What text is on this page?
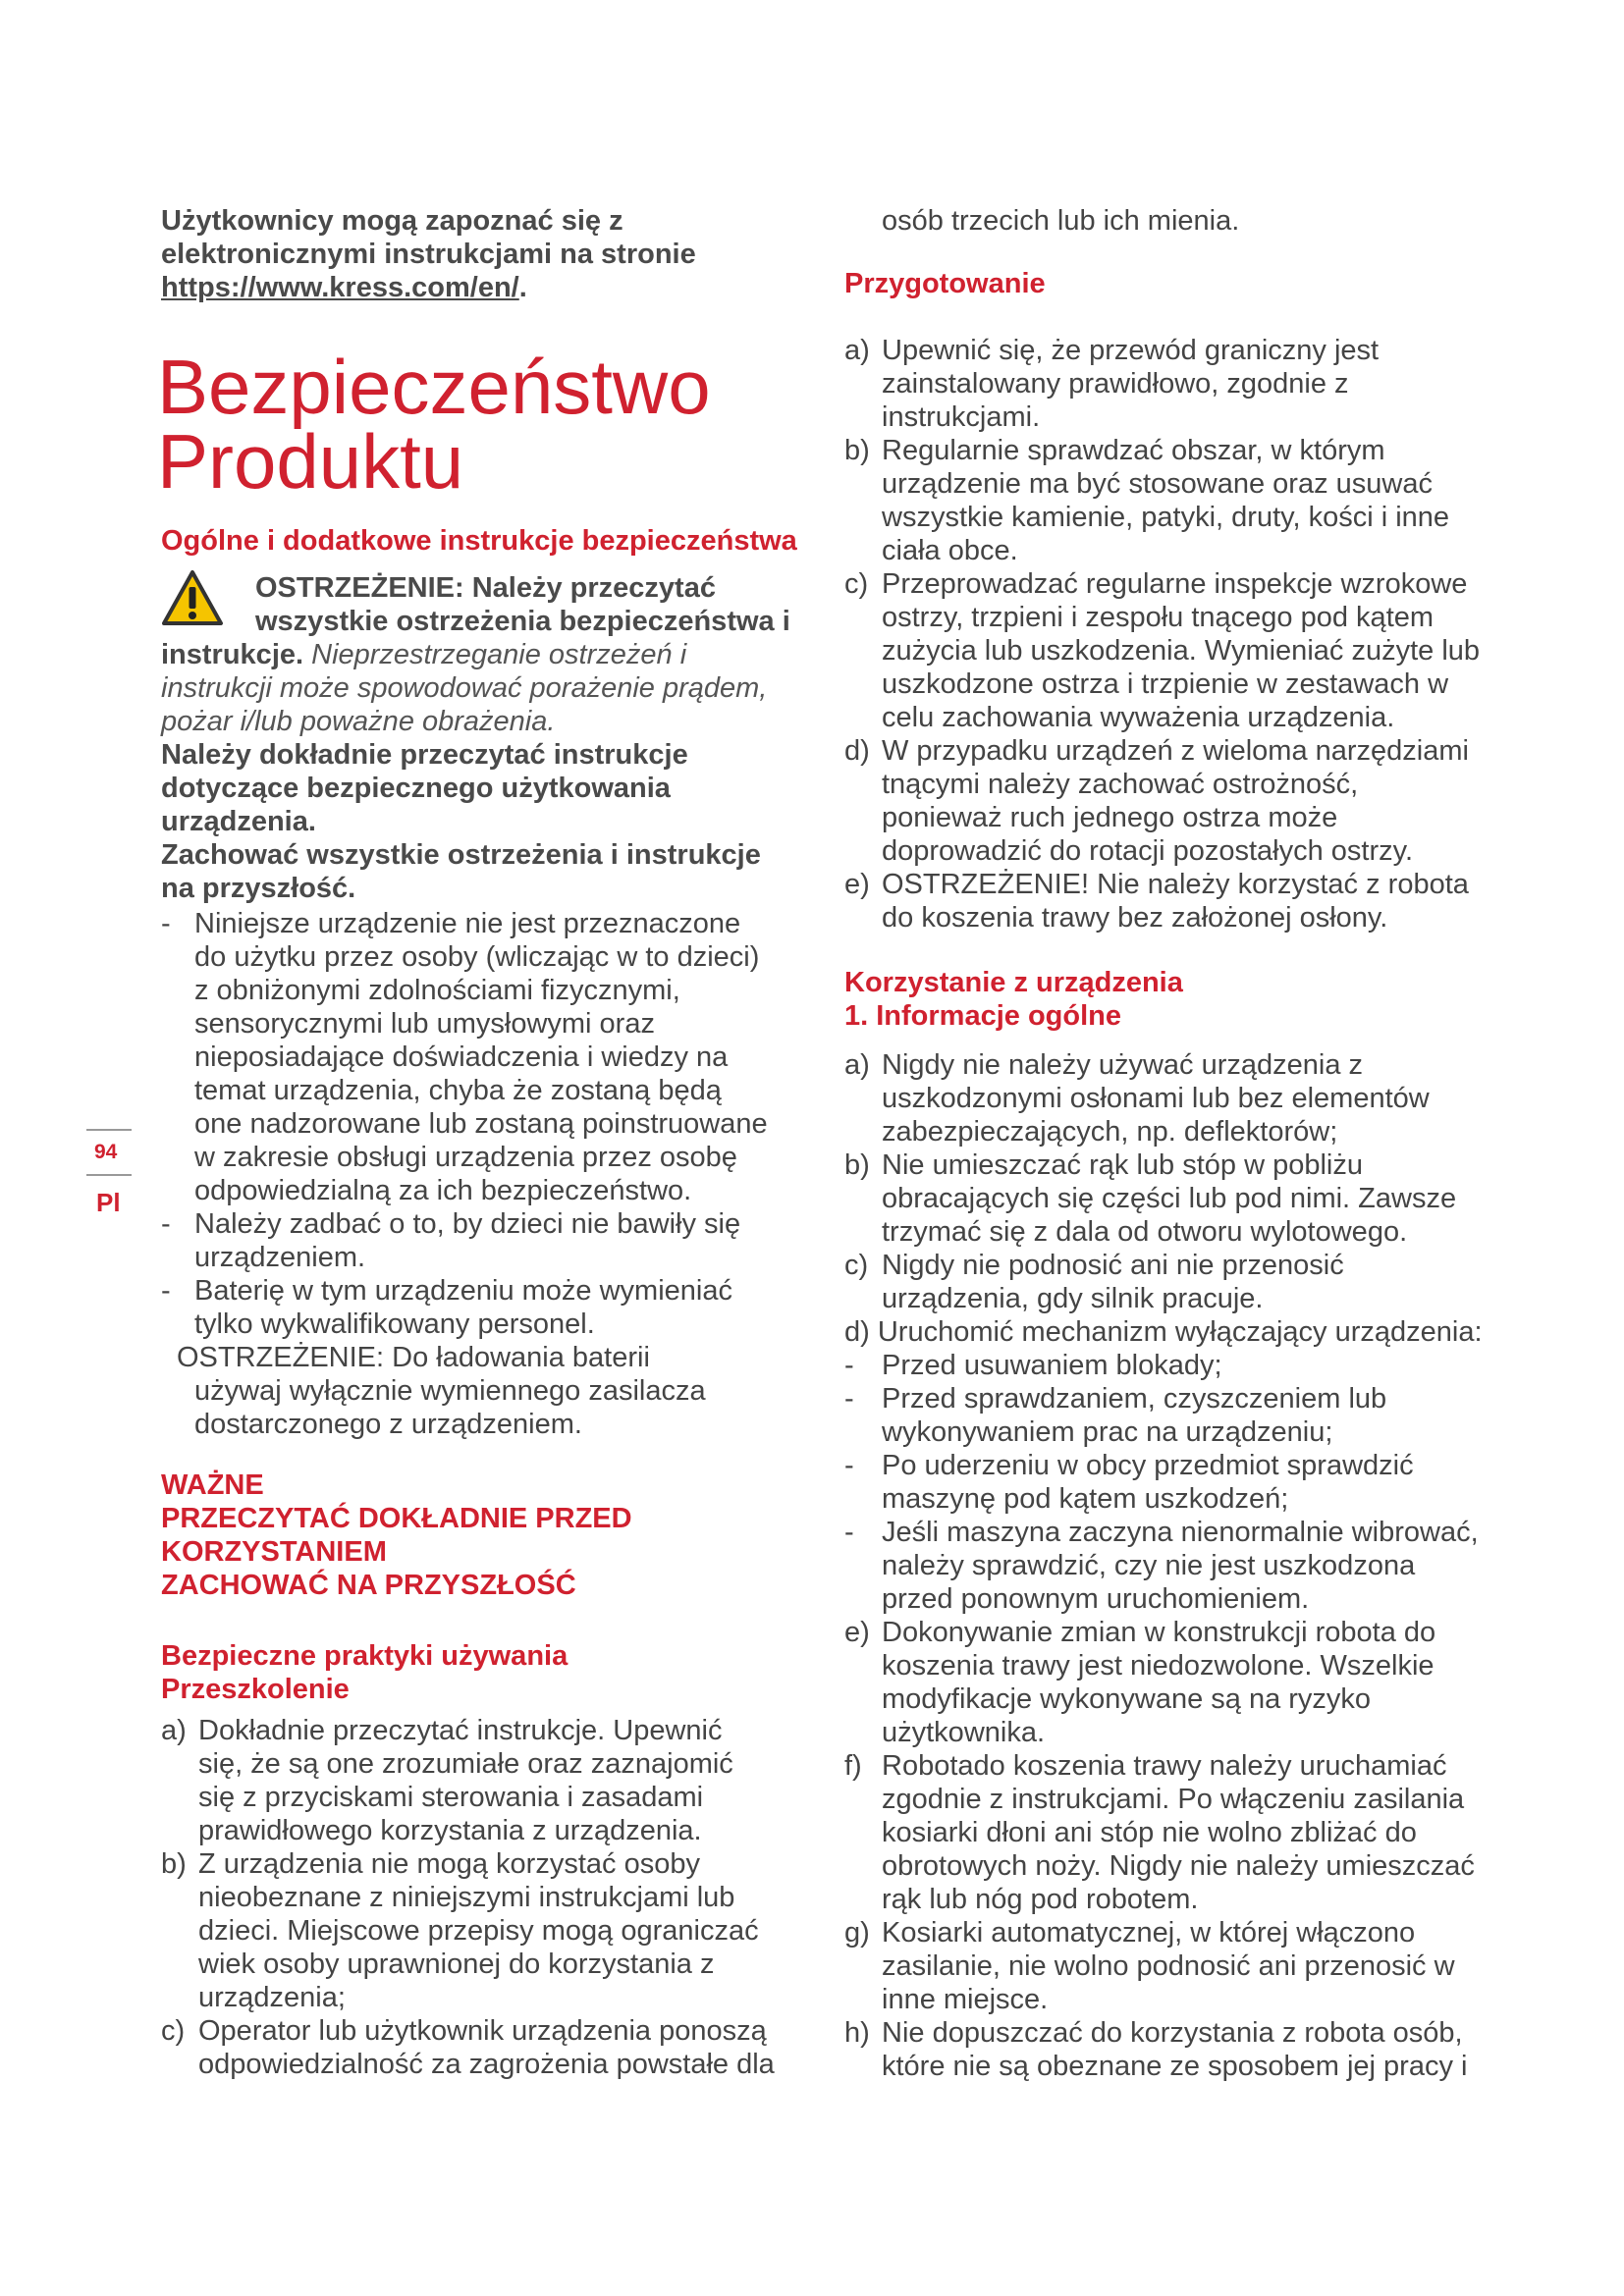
94
Pl

Użytkownicy mogą zapoznać się z

elektronicznymi instrukcjami na stronie

https://www.kress.com/en/.

Bezpieczeństwo
Produktu

Ogólne i dodatkowe instrukcje bezpieczeństwa

OSTRZEŻENIE: Należy przeczytać

wszystkie ostrzeżenia bezpieczeństwa i

instrukcje. Nieprzestrzeganie ostrzeżeń i

instrukcji może spowodować porażenie prądem,

pożar i/lub poważne obrażenia.

Należy dokładnie przeczytać instrukcje

dotyczące bezpiecznego użytkowania

urządzenia.

Zachować wszystkie ostrzeżenia i instrukcje

na przyszłość.

- Niniejsze urządzenie nie jest przeznaczone

do użytku przez osoby (wliczając w to dzieci)

z obniżonymi zdolnościami fizycznymi,

sensorycznymi lub umysłowymi oraz

nieposiadające doświadczenia i wiedzy na

temat urządzenia, chyba że zostaną będą

one nadzorowane lub zostaną poinstruowane

w zakresie obsługi urządzenia przez osobę

odpowiedzialną za ich bezpieczeństwo.

- Należy zadbać o to, by dzieci nie bawiły się

urządzeniem.

- Baterię w tym urządzeniu może wymieniać

tylko wykwalifikowany personel.

OSTRZEŻENIE: Do ładowania baterii

używaj wyłącznie wymiennego zasilacza

dostarczonego z urządzeniem.

WAŻNE

PRZECZYTAĆ DOKŁADNIE PRZED

KORZYSTANIEM

ZACHOWAĆ NA PRZYSZŁOŚĆ

Bezpieczne praktyki używania

Przeszkolenie

a) Dokładnie przeczytać instrukcje. Upewnić

się, że są one zrozumiałe oraz zaznajomić

się z przyciskami sterowania i zasadami

prawidłowego korzystania z urządzenia.

b) Z urządzenia nie mogą korzystać osoby

nieobeznane z niniejszymi instrukcjami lub

dzieci. Miejscowe przepisy mogą ograniczać

wiek osoby uprawnionej do korzystania z

urządzenia;

c) Operator lub użytkownik urządzenia ponoszą

odpowiedzialność za zagrożenia powstałe dla

osób trzecich lub ich mienia.

Przygotowanie

a) Upewnić się, że przewód graniczny jest

zainstalowany prawidłowo, zgodnie z

instrukcjami.

b) Regularnie sprawdzać obszar, w którym

urządzenie ma być stosowane oraz usuwać

wszystkie kamienie, patyki, druty, kości i inne

ciała obce.

c) Przeprowadzać regularne inspekcje wzrokowe

ostrzy, trzpieni i zespołu tnącego pod kątem

zużycia lub uszkodzenia. Wymieniać zużyte lub

uszkodzone ostrza i trzpienie w zestawach w

celu zachowania wyważenia urządzenia.

d) W przypadku urządzeń z wieloma narzędziami

tnącymi należy zachować ostrożność,

ponieważ ruch jednego ostrza może

doprowadzić do rotacji pozostałych ostrzy.

e) OSTRZEŻENIE! Nie należy korzystać z robota

do koszenia trawy bez założonej osłony.

Korzystanie z urządzenia

1. Informacje ogólne

a) Nigdy nie należy używać urządzenia z

uszkodzonymi osłonami lub bez elementów

zabezpieczających, np. deflektorów;

b) Nie umieszczać rąk lub stóp w pobliżu

obracających się części lub pod nimi. Zawsze

trzymać się z dala od otworu wylotowego.

c) Nigdy nie podnosić ani nie przenosić

urządzenia, gdy silnik pracuje.

d) Uruchomić mechanizm wyłączający urządzenia:

- Przed usuwaniem blokady;

- Przed sprawdzaniem, czyszczeniem lub

wykonywaniem prac na urządzeniu;

- Po uderzeniu w obcy przedmiot sprawdzić

maszynę pod kątem uszkodzeń;

- Jeśli maszyna zaczyna nienormalnie wibrować,

należy sprawdzić, czy nie jest uszkodzona

przed ponownym uruchomieniem.

e) Dokonywanie zmian w konstrukcji robota do

koszenia trawy jest niedozwolone. Wszelkie

modyfikacje wykonywane są na ryzyko

użytkownika.

f) Robotado koszenia trawy należy uruchamiać

zgodnie z instrukcjami. Po włączeniu zasilania

kosiarki dłoni ani stóp nie wolno zbliżać do

obrotowych noży. Nigdy nie należy umieszczać

rąk lub nóg pod robotem.

g) Kosiarki automatycznej, w której włączono

zasilanie, nie wolno podnosić ani przenosić w

inne miejsce.

h) Nie dopuszczać do korzystania z robota osób,

które nie są obeznane ze sposobem jej pracy i
